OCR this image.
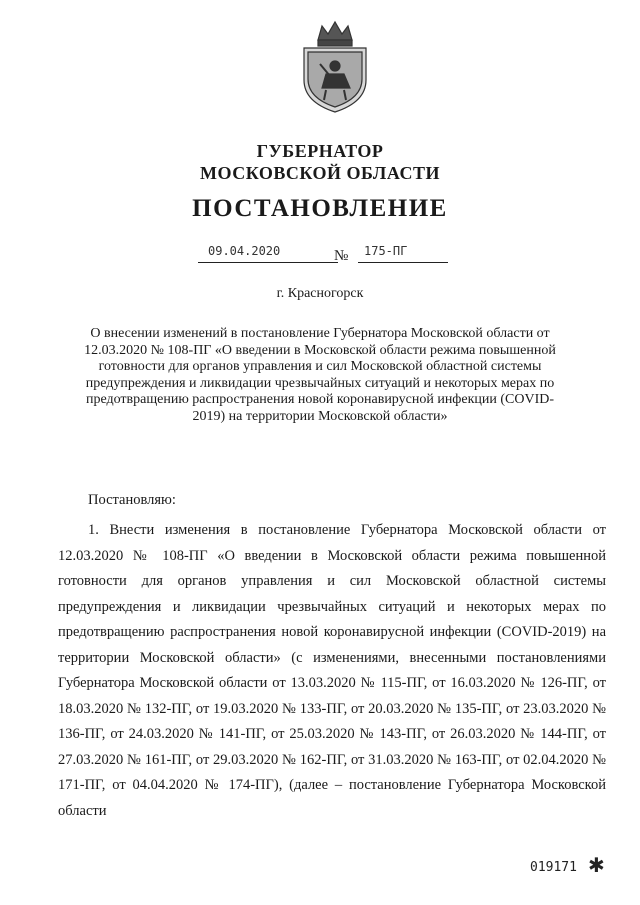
ГУБЕРНАТОР
МОСКОВСКОЙ ОБЛАСТИ
ПОСТАНОВЛЕНИЕ
09.04.2020	№ 175-ПГ
г. Красногорск

О внесении изменений в постановление Губернатора Московской области от 12.03.2020 № 108-ПГ «О введении в Московской области режима повышенной готовности для органов управления и сил Московской областной системы предупреждения и ликвидации чрезвычайных ситуаций и некоторых мерах по предотвращению распространения новой коронавирусной инфекции (COVID-2019) на территории Московской области»

Постановляю:

1. Внести изменения в постановление Губернатора Московской области от 12.03.2020 № 108-ПГ «О введении в Московской области режима повышенной готовности для органов управления и сил Московской областной системы предупреждения и ликвидации чрезвычайных ситуаций и некоторых мерах по предотвращению распространения новой коронавирусной инфекции (COVID-2019) на территории Московской области» (с изменениями, внесенными постановлениями Губернатора Московской области от 13.03.2020 № 115-ПГ, от 16.03.2020 № 126-ПГ, от 18.03.2020 № 132-ПГ, от 19.03.2020 № 133-ПГ, от 20.03.2020 № 135-ПГ, от 23.03.2020 № 136-ПГ, от 24.03.2020 № 141-ПГ, от 25.03.2020 № 143-ПГ, от 26.03.2020 № 144-ПГ, от 27.03.2020 № 161-ПГ, от 29.03.2020 № 162-ПГ, от 31.03.2020 № 163-ПГ, от 02.04.2020 № 171-ПГ, от 04.04.2020 № 174-ПГ), (далее – постановление Губернатора Московской области

019171 ✱
